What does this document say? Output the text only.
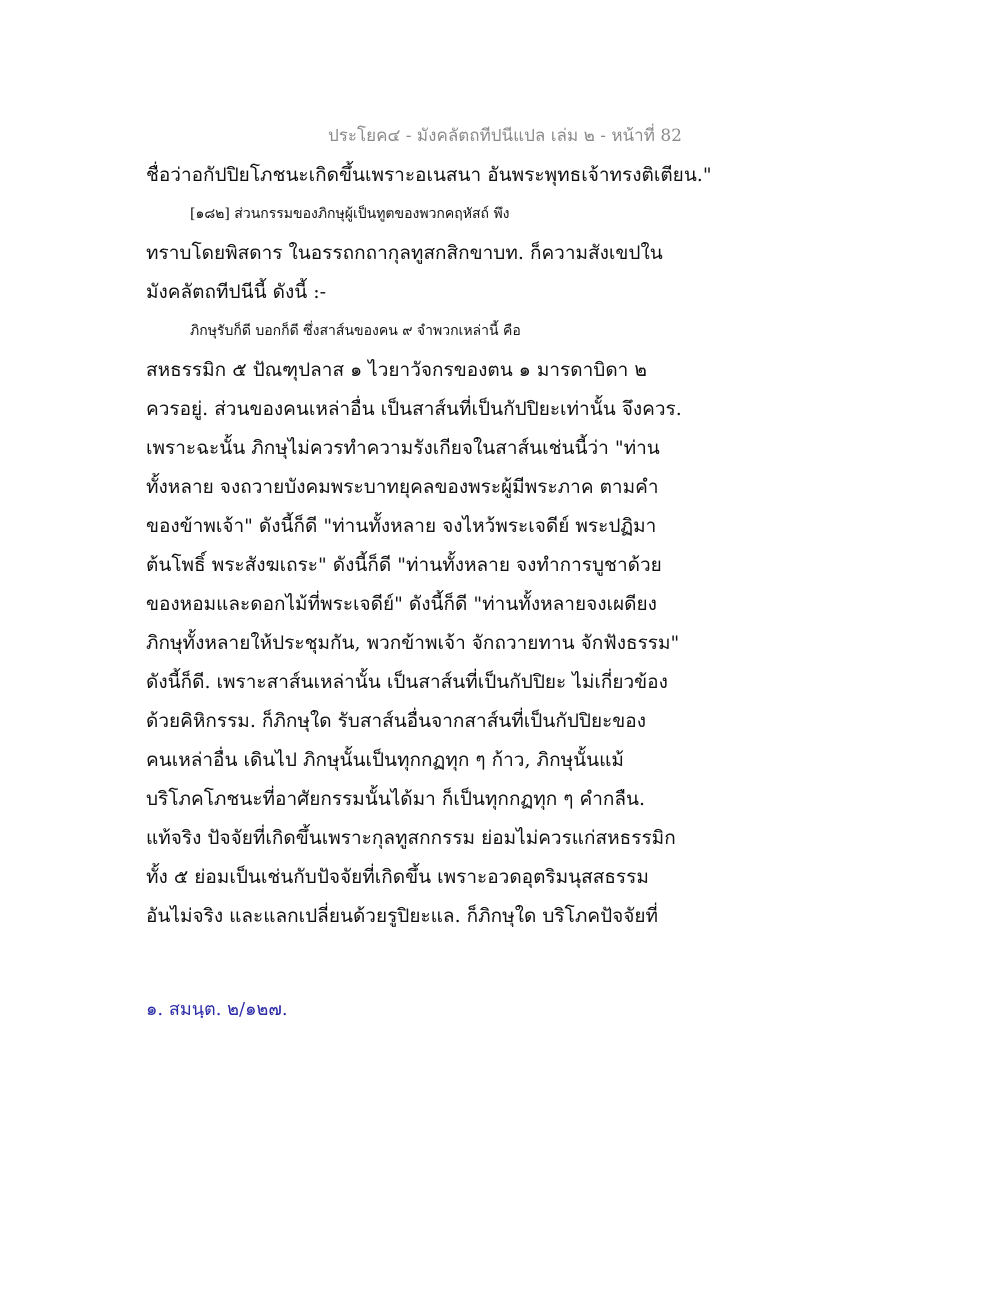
ประโยค๔ - มังคลัตถทีปนีแปล เล่ม ๒ - หน้าที่ 82
ชื่อว่าอกัปปิยโภชนะเกิดขึ้นเพราะอเนสนา อันพระพุทธเจ้าทรงติเตียน."
[๑๘๒] ส่วนกรรมของภิกษุผู้เป็นทูตของพวกคฤหัสถ์ พึง
ทราบโดยพิสดาร ในอรรถกถากุลทูสกสิกขาบท. ก็ความสังเขปใน
มังคลัตถทีปนีนี้ ดังนี้ :-
ภิกษุรับก็ดี บอกก็ดี ซึ่งสาส์นของคน ๙ จำพวกเหล่านี้ คือ
สหธรรมิก ๕ ปัณฑุปลาส ๑ ไวยาวัจกรของตน ๑ มารดาบิดา ๒
ควรอยู่. ส่วนของคนเหล่าอื่น เป็นสาส์นที่เป็นกัปปิยะเท่านั้น จึงควร.
เพราะฉะนั้น ภิกษุไม่ควรทำความรังเกียจในสาส์นเช่นนี้ว่า "ท่าน
ทั้งหลาย จงถวายบังคมพระบาทยุคลของพระผู้มีพระภาค ตามคำ
ของข้าพเจ้า" ดังนี้ก็ดี "ท่านทั้งหลาย จงไหว้พระเจดีย์ พระปฏิมา
ต้นโพธิ์ พระสังฆเถระ" ดังนี้ก็ดี "ท่านทั้งหลาย จงทำการบูชาด้วย
ของหอมและดอกไม้ที่พระเจดีย์" ดังนี้ก็ดี "ท่านทั้งหลายจงเผดียง
ภิกษุทั้งหลายให้ประชุมกัน, พวกข้าพเจ้า จักถวายทาน จักฟังธรรม"
ดังนี้ก็ดี. เพราะสาส์นเหล่านั้น เป็นสาส์นที่เป็นกัปปิยะ ไม่เกี่ยวข้อง
ด้วยคิหิกรรม. ก็ภิกษุใด รับสาส์นอื่นจากสาส์นที่เป็นกัปปิยะของ
คนเหล่าอื่น เดินไป ภิกษุนั้นเป็นทุกกฏทุก ๆ ก้าว, ภิกษุนั้นแม้
บริโภคโภชนะที่อาศัยกรรมนั้นได้มา ก็เป็นทุกกฏทุก ๆ คำกลืน.
แท้จริง ปัจจัยที่เกิดขึ้นเพราะกุลทูสกกรรม ย่อมไม่ควรแก่สหธรรมิก
ทั้ง ๕ ย่อมเป็นเช่นกับปัจจัยที่เกิดขึ้น เพราะอวดอุตริมนุสสธรรม
อันไม่จริง และแลกเปลี่ยนด้วยรูปิยะแล. ก็ภิกษุใด บริโภคปัจจัยที่
๑. สมนฺต. ๒/๑๒๗.
